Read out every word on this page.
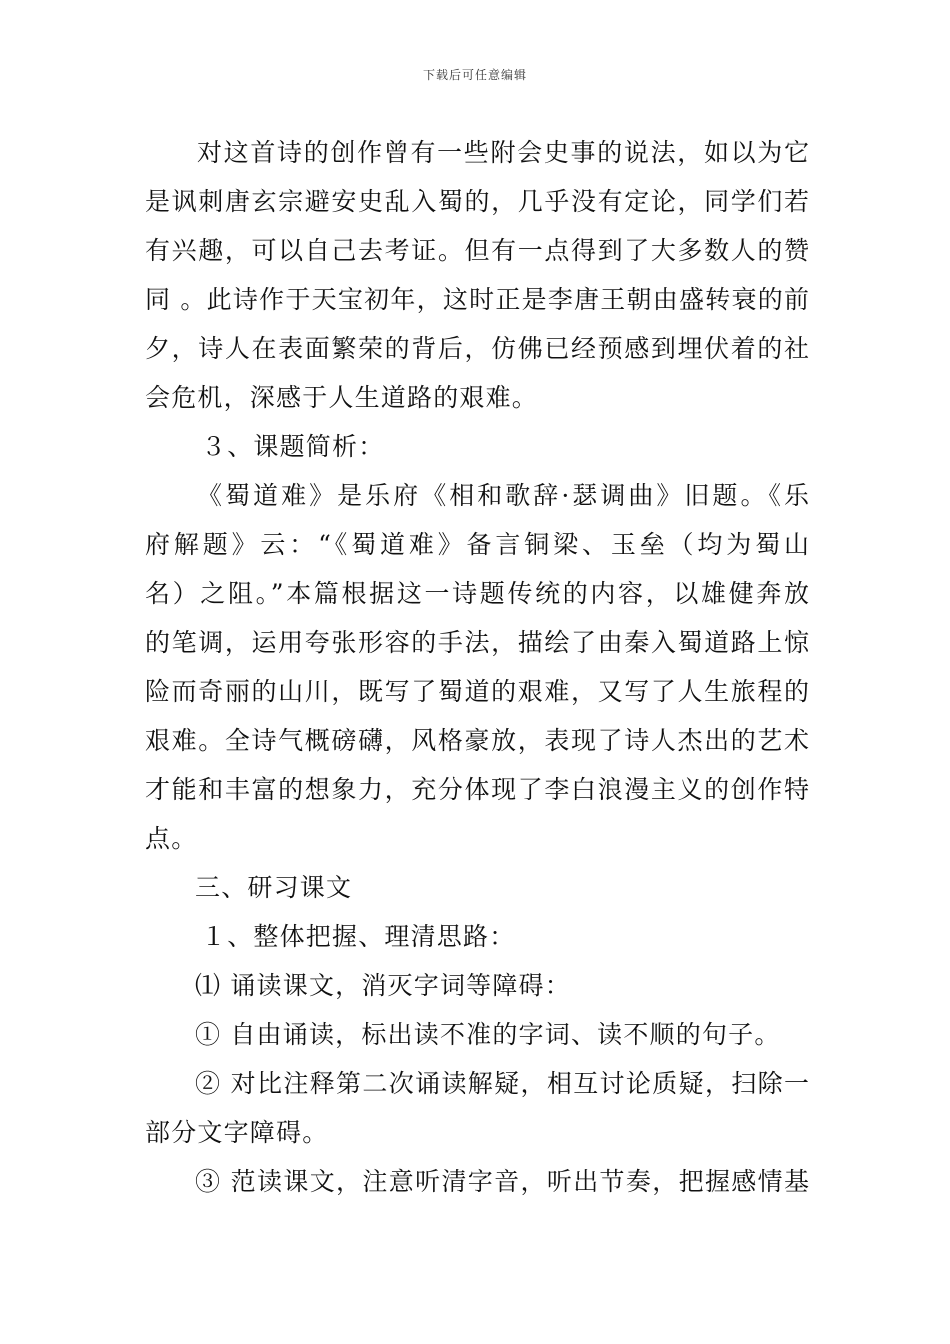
下载后可任意编辑
对这首诗的创作曾有一些附会史事的说法，如以为它
是讽刺唐玄宗避安史乱入蜀的，几乎没有定论，同学们若
有兴趣，可以自己去考证。但有一点得到了大多数人的赞
同 。此诗作于天宝初年，这时正是李唐王朝由盛转衰的前
夕，诗人在表面繁荣的背后，仿佛已经预感到埋伏着的社
会危机，深感于人生道路的艰难。
３、课题简析：
《蜀道难》是乐府《相和歌辞·瑟调曲》旧题。《乐
府解题》云：“《蜀道难》备言铜梁、玉垒（均为蜀山
名）之阻。”本篇根据这一诗题传统的内容，以雄健奔放
的笔调，运用夸张形容的手法，描绘了由秦入蜀道路上惊
险而奇丽的山川，既写了蜀道的艰难，又写了人生旅程的
艰难。全诗气概磅礴，风格豪放，表现了诗人杰出的艺术
才能和丰富的想象力，充分体现了李白浪漫主义的创作特
点。
三、研习课文
１、整体把握、理清思路：
⑴ 诵读课文，消灭字词等障碍：
① 自由诵读，标出读不准的字词、读不顺的句子。
② 对比注释第二次诵读解疑，相互讨论质疑，扫除一
部分文字障碍。
③ 范读课文，注意听清字音，听出节奏，把握感情基
